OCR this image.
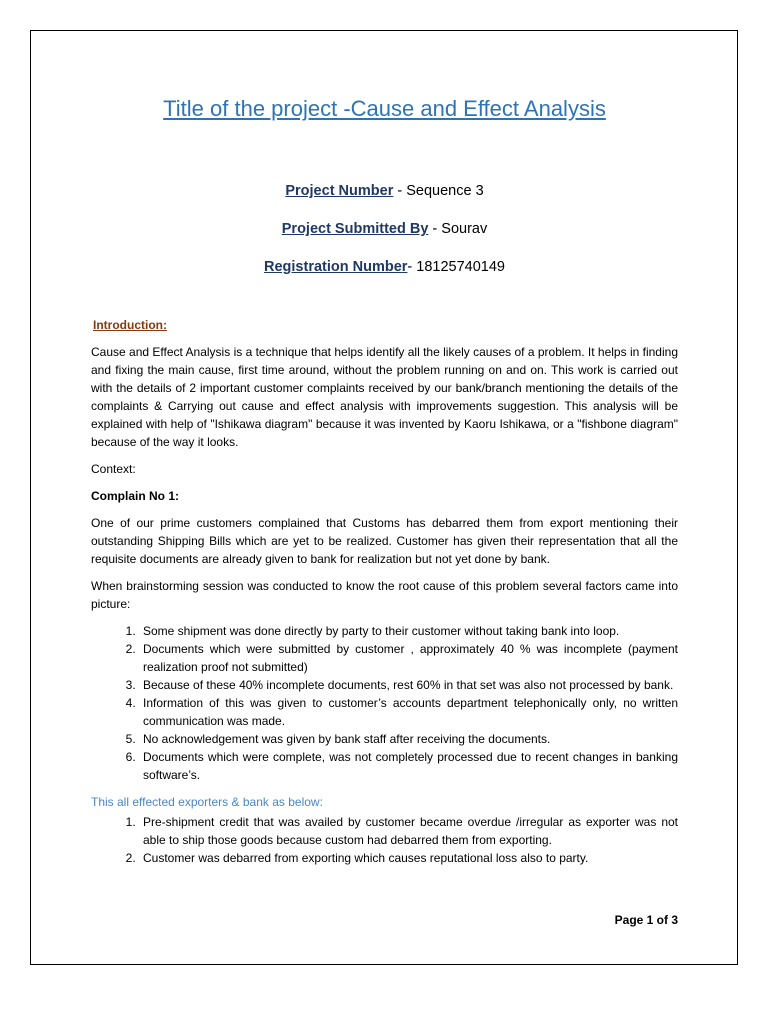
Title of the project -Cause and Effect Analysis
Project Number - Sequence 3
Project Submitted By - Sourav
Registration Number- 18125740149
Introduction:

Cause and Effect Analysis is a technique that helps identify all the likely causes of a problem. It helps in finding and fixing the main cause, first time around, without the problem running on and on. This work is carried out with the details of 2 important customer complaints received by our bank/branch mentioning the details of the complaints & Carrying out cause and effect analysis with improvements suggestion. This analysis will be explained with help of "Ishikawa diagram" because it was invented by Kaoru Ishikawa, or a "fishbone diagram" because of the way it looks.

Context:

Complain No 1:

One of our prime customers complained that Customs has debarred them from export mentioning their outstanding Shipping Bills which are yet to be realized. Customer has given their representation that all the requisite documents are already given to bank for realization but not yet done by bank.

When brainstorming session was conducted to know the root cause of this problem several factors came into picture:

1. Some shipment was done directly by party to their customer without taking bank into loop.
2. Documents which were submitted by customer , approximately 40 % was incomplete (payment realization proof not submitted)
3. Because of these 40% incomplete documents, rest 60% in that set was also not processed by bank.
4. Information of this was given to customer’s accounts department telephonically only, no written communication was made.
5. No acknowledgement was given by bank staff after receiving the documents.
6. Documents which were complete, was not completely processed due to recent changes in banking software’s.

This all effected exporters & bank as below:

1. Pre-shipment credit that was availed by customer became overdue /irregular as exporter was not able to ship those goods because custom had debarred them from exporting.
2. Customer was debarred from exporting which causes reputational loss also to party.
Page 1 of 3
